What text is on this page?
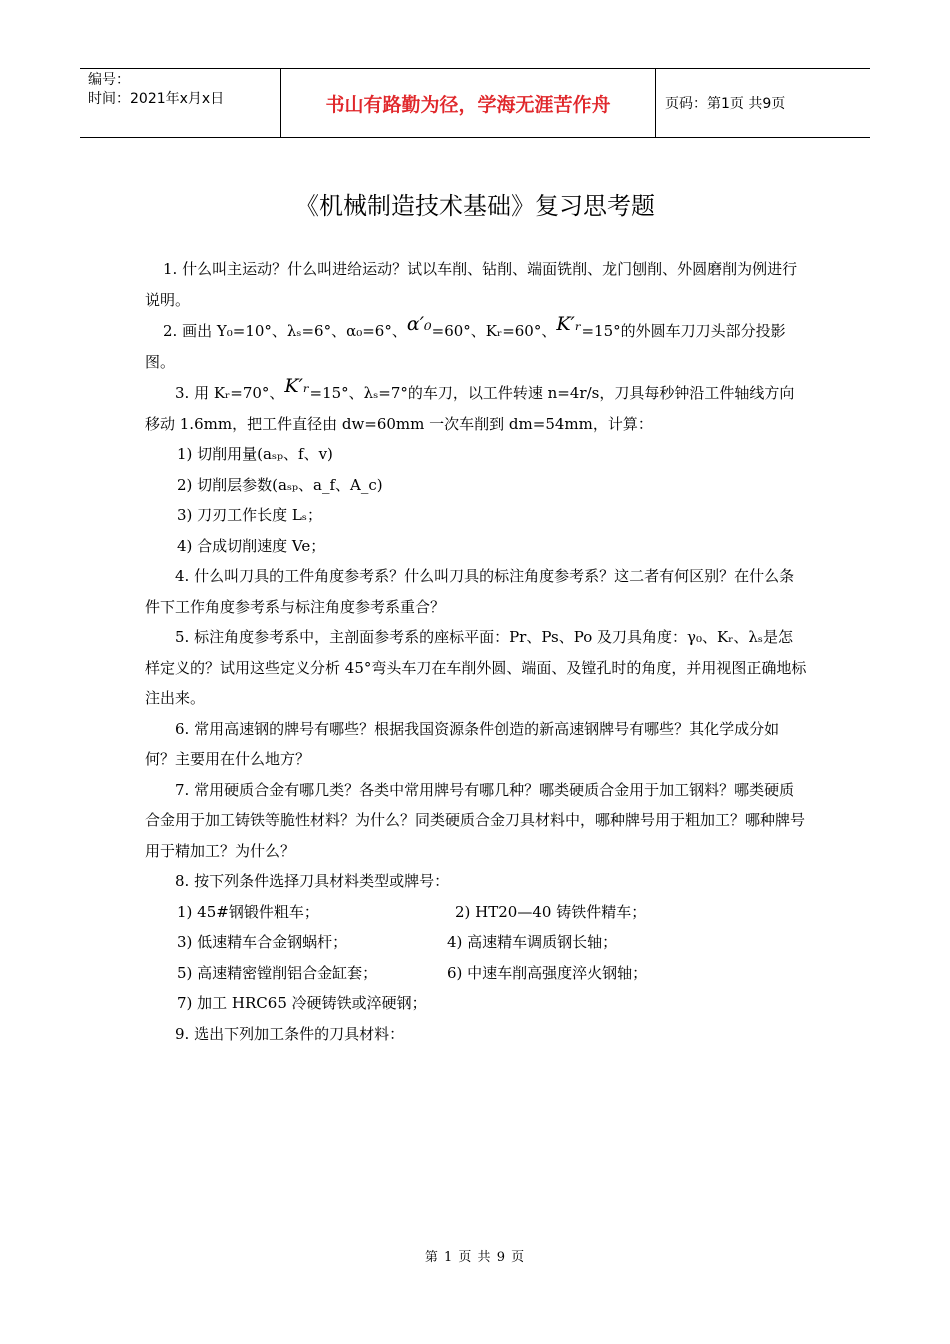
编号：
时间：2021年x月x日	书山有路勤为径，学海无涯苦作舟	页码：第1页 共9页
《机械制造技术基础》复习思考题

1. 什么叫主运动？什么叫进给运动？试以车削、钻削、端面铣削、龙门刨削、外圆磨削为例进行说明。

2. 画出 Y₀=10°、λₛ=6°、α₀=6°、α′₀=60°、Kᵣ=60°、K′ᵣ=15°的外圆车刀刀头部分投影图。

3. 用 Kᵣ=70°、K′ᵣ=15°、λₛ=7°的车刀，以工件转速 n=4r/s，刀具每秒钟沿工件轴线方向移动 1.6mm，把工件直径由 dw=60mm 一次车削到 dm=54mm，计算：

1) 切削用量(aₛₚ、f、v)

2) 切削层参数(aₛₚ、a_f、A_c)

3) 刀刃工作长度 Lₛ；

4) 合成切削速度 Ve；

4. 什么叫刀具的工件角度参考系？什么叫刀具的标注角度参考系？这二者有何区别？在什么条件下工作角度参考系与标注角度参考系重合？

5. 标注角度参考系中，主剖面参考系的座标平面：Pr、Ps、Po 及刀具角度：γ₀、Kᵣ、λₛ是怎样定义的？试用这些定义分析 45°弯头车刀在车削外圆、端面、及镗孔时的角度，并用视图正确地标注出来。

6. 常用高速钢的牌号有哪些？根据我国资源条件创造的新高速钢牌号有哪些？其化学成分如何？主要用在什么地方？

7. 常用硬质合金有哪几类？各类中常用牌号有哪几种？哪类硬质合金用于加工钢料？哪类硬质合金用于加工铸铁等脆性材料？为什么？同类硬质合金刀具材料中，哪种牌号用于粗加工？哪种牌号用于精加工？为什么？

8. 按下列条件选择刀具材料类型或牌号：

1) 45#钢锻件粗车；	2) HT20—40 铸铁件精车；
3) 低速精车合金钢蜗杆；	4) 高速精车调质钢长轴；
5) 高速精密镗削铝合金缸套；	6) 中速车削高强度淬火钢轴；

7) 加工 HRC65 冷硬铸铁或淬硬钢；

9. 选出下列加工条件的刀具材料：

第 1 页 共 9 页
